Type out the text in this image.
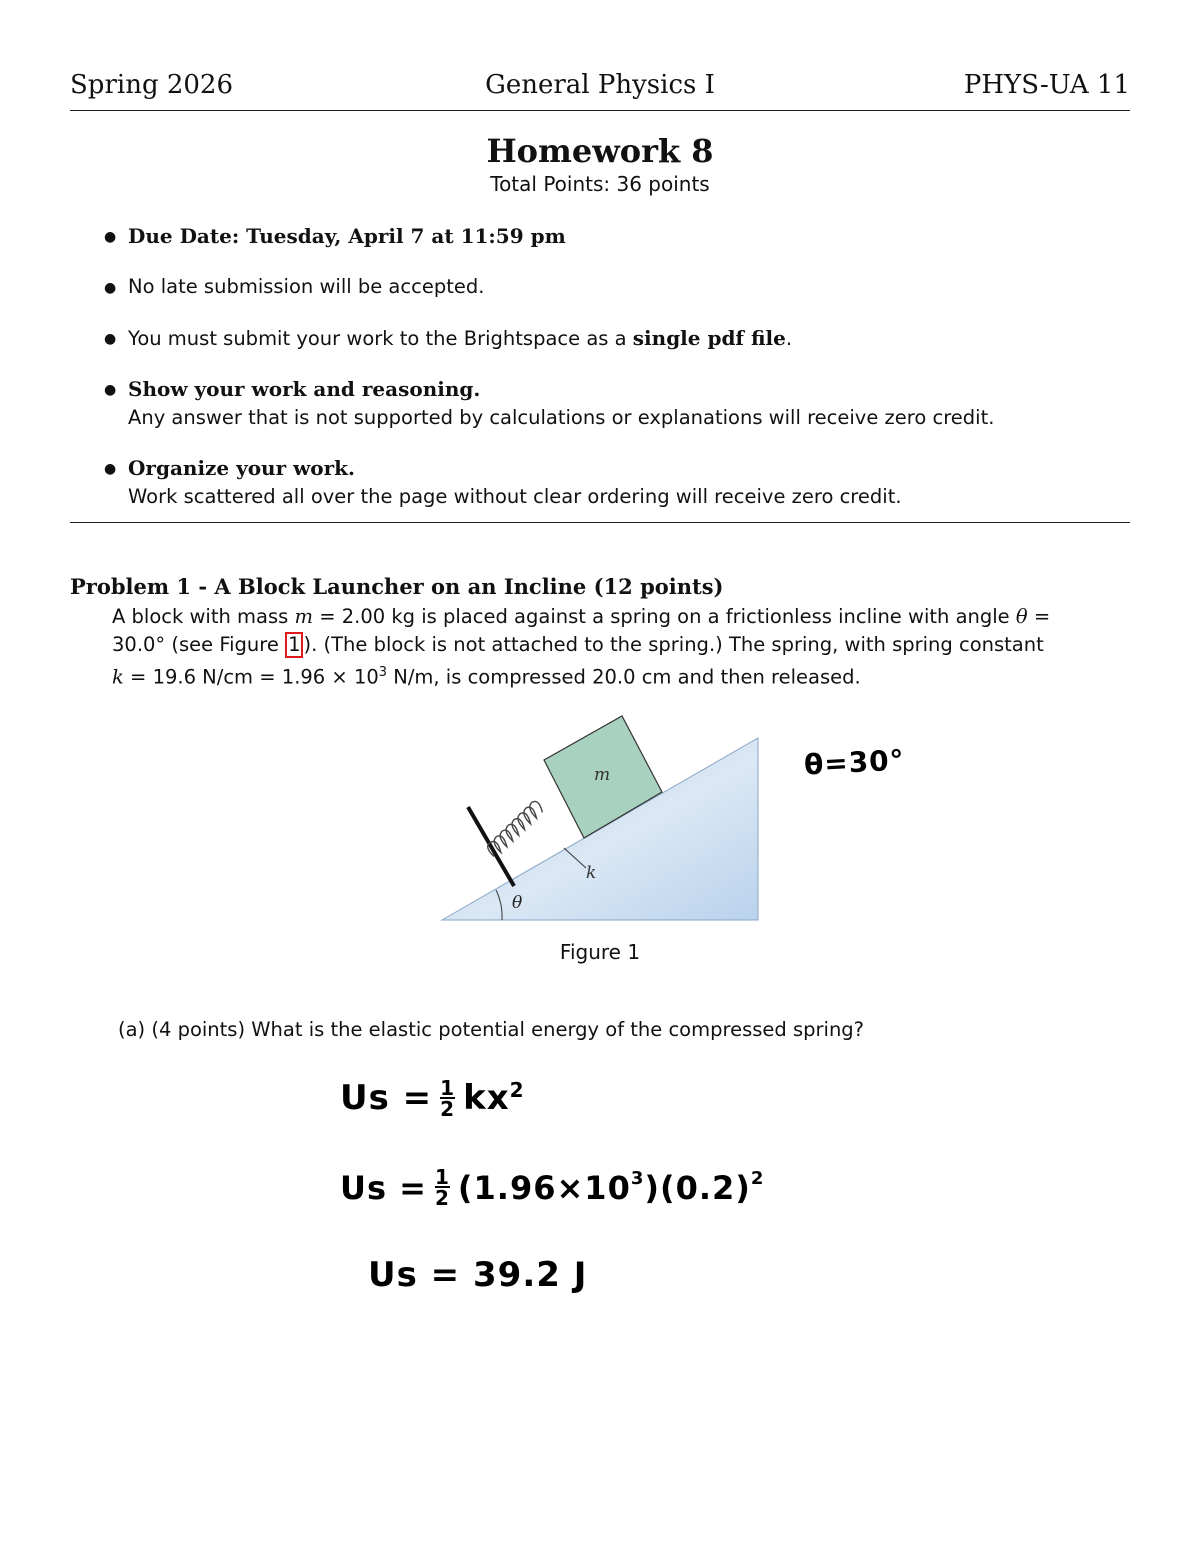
Spring 2026	General Physics I	PHYS-UA 11
Homework 8
Total Points: 36 points
● Due Date: Tuesday, April 7 at 11:59 pm
● No late submission will be accepted.
● You must submit your work to the Brightspace as a single pdf file.
● Show your work and reasoning.
Any answer that is not supported by calculations or explanations will receive zero credit.
● Organize your work.
Work scattered all over the page without clear ordering will receive zero credit.
Problem 1 - A Block Launcher on an Incline (12 points)
A block with mass m = 2.00 kg is placed against a spring on a frictionless incline with angle θ =
30.0° (see Figure 1 ). (The block is not attached to the spring.) The spring, with spring constant
k = 19.6 $N/cm = 1.96 \times 10^3$ N/m, is compressed 20.0 cm and then released.
m
k
θ
θ=30°
Figure 1
(a) (4 points) What is the elastic potential energy of the compressed spring?
$Us = \frac{1}{2} kx^2$
$Us = \frac{1}{2} (1.96\times 10^3$ )$(0.2)^2$
Us = 39.2 J
